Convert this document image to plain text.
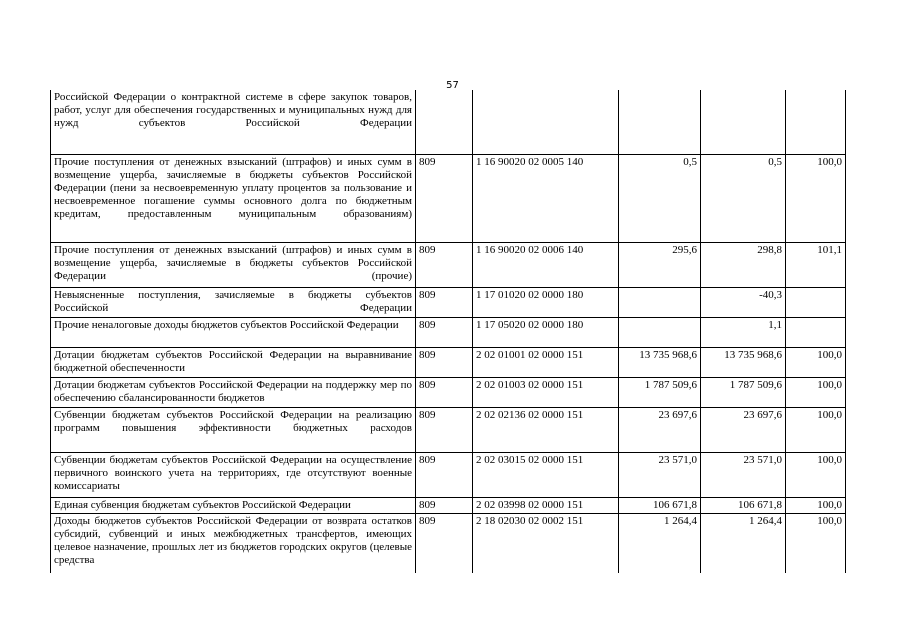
57
Российской Федерации о контрактной системе в сфере закупок товаров, работ, услуг для обеспечения государственных и муниципальных нужд для нужд субъектов Российской Федерации					
Прочие поступления от денежных взысканий (штрафов) и иных сумм в возмещение ущерба, зачисляемые в бюджеты субъектов Российской Федерации (пени за несвоевременную уплату процентов за пользование и несвоевременное погашение суммы основного долга по бюджетным кредитам, предоставленным муниципальным образованиям)	809	1 16 90020 02 0005 140	0,5	0,5	100,0
Прочие поступления от денежных взысканий (штрафов) и иных сумм в возмещение ущерба, зачисляемые в бюджеты субъектов Российской Федерации (прочие)	809	1 16 90020 02 0006 140	295,6	298,8	101,1
Невыясненные поступления, зачисляемые в бюджеты субъектов Российской Федерации	809	1 17 01020 02 0000 180		-40,3	
Прочие неналоговые доходы бюджетов субъектов Российской Федерации	809	1 17 05020 02 0000 180		1,1	
Дотации бюджетам субъектов Российской Федерации на выравнивание бюджетной обеспеченности	809	2 02 01001 02 0000 151	13 735 968,6	13 735 968,6	100,0
Дотации бюджетам субъектов Российской Федерации на поддержку мер по обеспечению сбалансированности бюджетов	809	2 02 01003 02 0000 151	1 787 509,6	1 787 509,6	100,0
Субвенции бюджетам субъектов Российской Федерации на реализацию программ повышения эффективности бюджетных расходов	809	2 02 02136 02 0000 151	23 697,6	23 697,6	100,0
Субвенции бюджетам субъектов Российской Федерации на осуществление первичного воинского учета на территориях, где отсутствуют военные комиссариаты	809	2 02 03015 02 0000 151	23 571,0	23 571,0	100,0
Единая субвенция бюджетам субъектов Российской Федерации	809	2 02 03998 02 0000 151	106 671,8	106 671,8	100,0
Доходы бюджетов субъектов Российской Федерации от возврата остатков субсидий, субвенций и иных межбюджетных трансфертов, имеющих целевое назначение, прошлых лет из бюджетов городских округов (целевые средства	809	2 18 02030 02 0002 151	1 264,4	1 264,4	100,0
